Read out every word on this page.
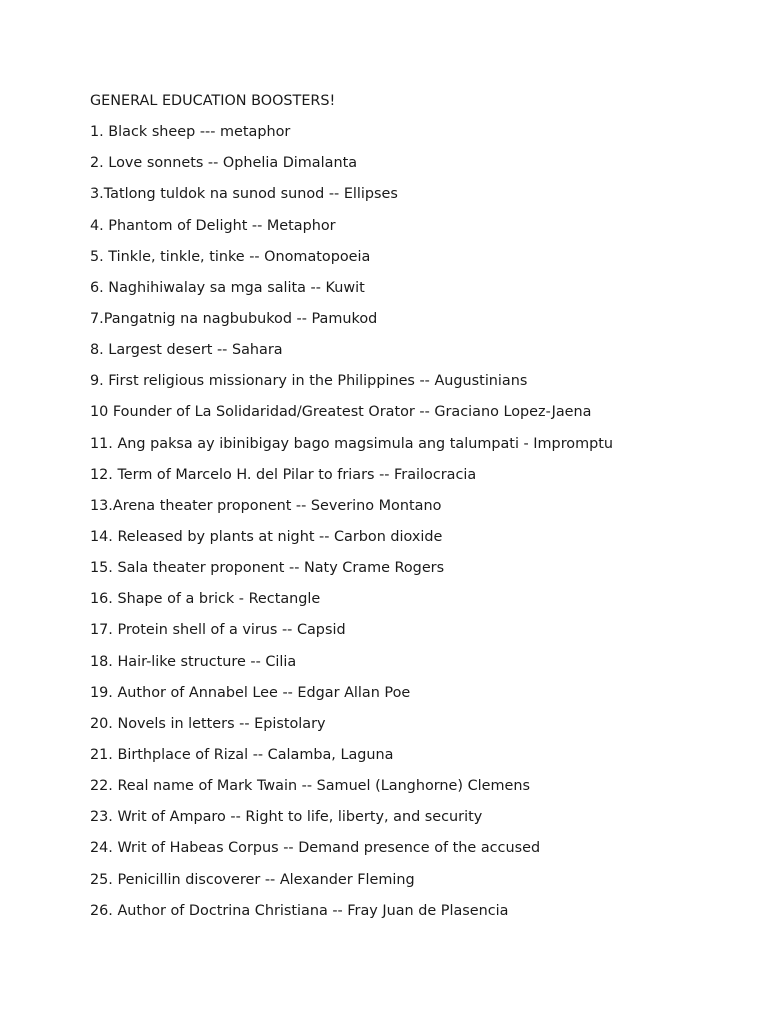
GENERAL EDUCATION BOOSTERS!
1. Black sheep --- metaphor
2. Love sonnets -- Ophelia Dimalanta
3.Tatlong tuldok na sunod sunod -- Ellipses
4. Phantom of Delight -- Metaphor
5. Tinkle, tinkle, tinke -- Onomatopoeia
6. Naghihiwalay sa mga salita -- Kuwit
7.Pangatnig na nagbubukod -- Pamukod
8. Largest desert -- Sahara
9. First religious missionary in the Philippines -- Augustinians
10 Founder of La Solidaridad/Greatest Orator -- Graciano Lopez-Jaena
11. Ang paksa ay ibinibigay bago magsimula ang talumpati - Impromptu
12. Term of Marcelo H. del Pilar to friars -- Frailocracia
13.Arena theater proponent -- Severino Montano
14. Released by plants at night -- Carbon dioxide
15. Sala theater proponent -- Naty Crame Rogers
16. Shape of a brick - Rectangle
17. Protein shell of a virus -- Capsid
18. Hair-like structure -- Cilia
19. Author of Annabel Lee -- Edgar Allan Poe
20. Novels in letters -- Epistolary
21. Birthplace of Rizal -- Calamba, Laguna
22. Real name of Mark Twain -- Samuel (Langhorne) Clemens
23. Writ of Amparo -- Right to life, liberty, and security
24. Writ of Habeas Corpus -- Demand presence of the accused
25. Penicillin discoverer -- Alexander Fleming
26. Author of Doctrina Christiana -- Fray Juan de Plasencia
